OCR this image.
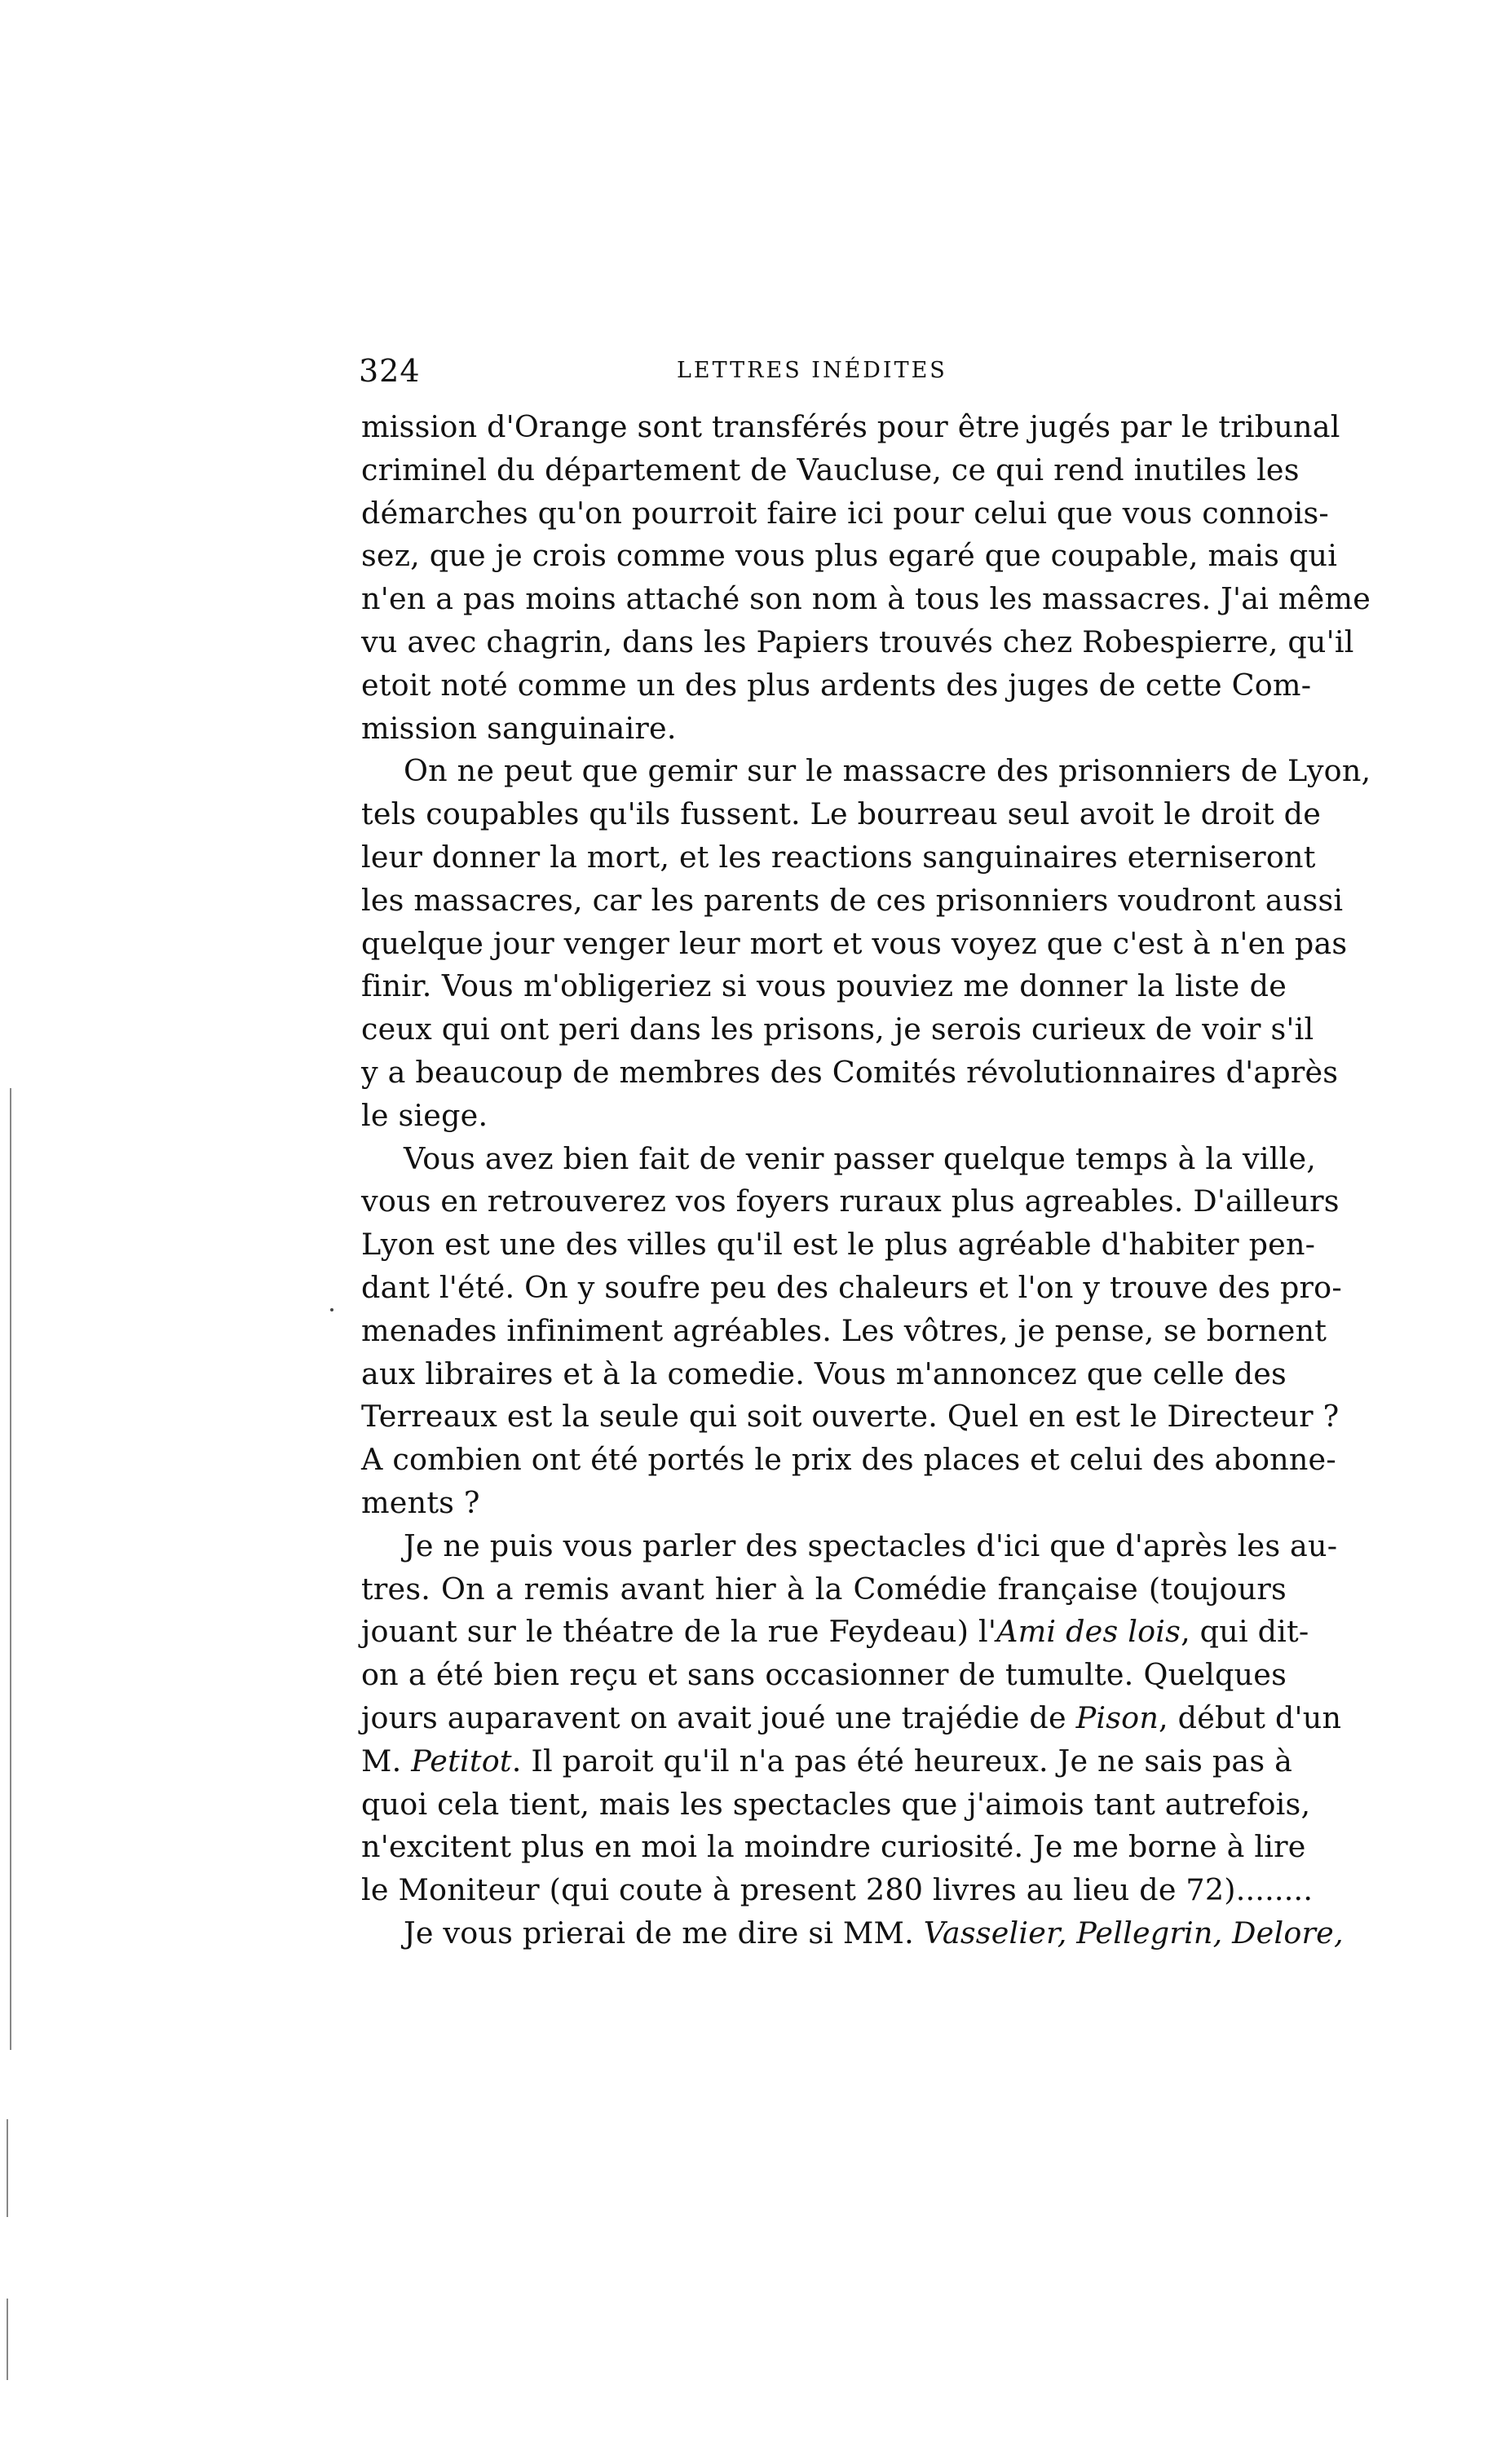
324	LETTRES INÉDITES
mission d'Orange sont transférés pour être jugés par le tribunal
criminel du département de Vaucluse, ce qui rend inutiles les
démarches qu'on pourroit faire ici pour celui que vous connois-
sez, que je crois comme vous plus egaré que coupable, mais qui
n'en a pas moins attaché son nom à tous les massacres. J'ai même
vu avec chagrin, dans les Papiers trouvés chez Robespierre, qu'il
etoit noté comme un des plus ardents des juges de cette Com-
mission sanguinaire.
On ne peut que gemir sur le massacre des prisonniers de Lyon,
tels coupables qu'ils fussent. Le bourreau seul avoit le droit de
leur donner la mort, et les reactions sanguinaires eterniseront
les massacres, car les parents de ces prisonniers voudront aussi
quelque jour venger leur mort et vous voyez que c'est à n'en pas
finir. Vous m'obligeriez si vous pouviez me donner la liste de
ceux qui ont peri dans les prisons, je serois curieux de voir s'il
y a beaucoup de membres des Comités révolutionnaires d'après
le siege.
Vous avez bien fait de venir passer quelque temps à la ville,
vous en retrouverez vos foyers ruraux plus agreables. D'ailleurs
Lyon est une des villes qu'il est le plus agréable d'habiter pen-
dant l'été. On y soufre peu des chaleurs et l'on y trouve des pro-
menades infiniment agréables. Les vôtres, je pense, se bornent
aux libraires et à la comedie. Vous m'annoncez que celle des
Terreaux est la seule qui soit ouverte. Quel en est le Directeur ?
A combien ont été portés le prix des places et celui des abonne-
ments ?
Je ne puis vous parler des spectacles d'ici que d'après les au-
tres. On a remis avant hier à la Comédie française (toujours
jouant sur le théatre de la rue Feydeau) l'Ami des lois, qui dit-
on a été bien reçu et sans occasionner de tumulte. Quelques
jours auparavent on avait joué une trajédie de Pison, début d'un
M. Petitot. Il paroit qu'il n'a pas été heureux. Je ne sais pas à
quoi cela tient, mais les spectacles que j'aimois tant autrefois,
n'excitent plus en moi la moindre curiosité. Je me borne à lire
le Moniteur (qui coute à present 280 livres au lieu de 72)........
Je vous prierai de me dire si MM. Vasselier, Pellegrin, Delore,
